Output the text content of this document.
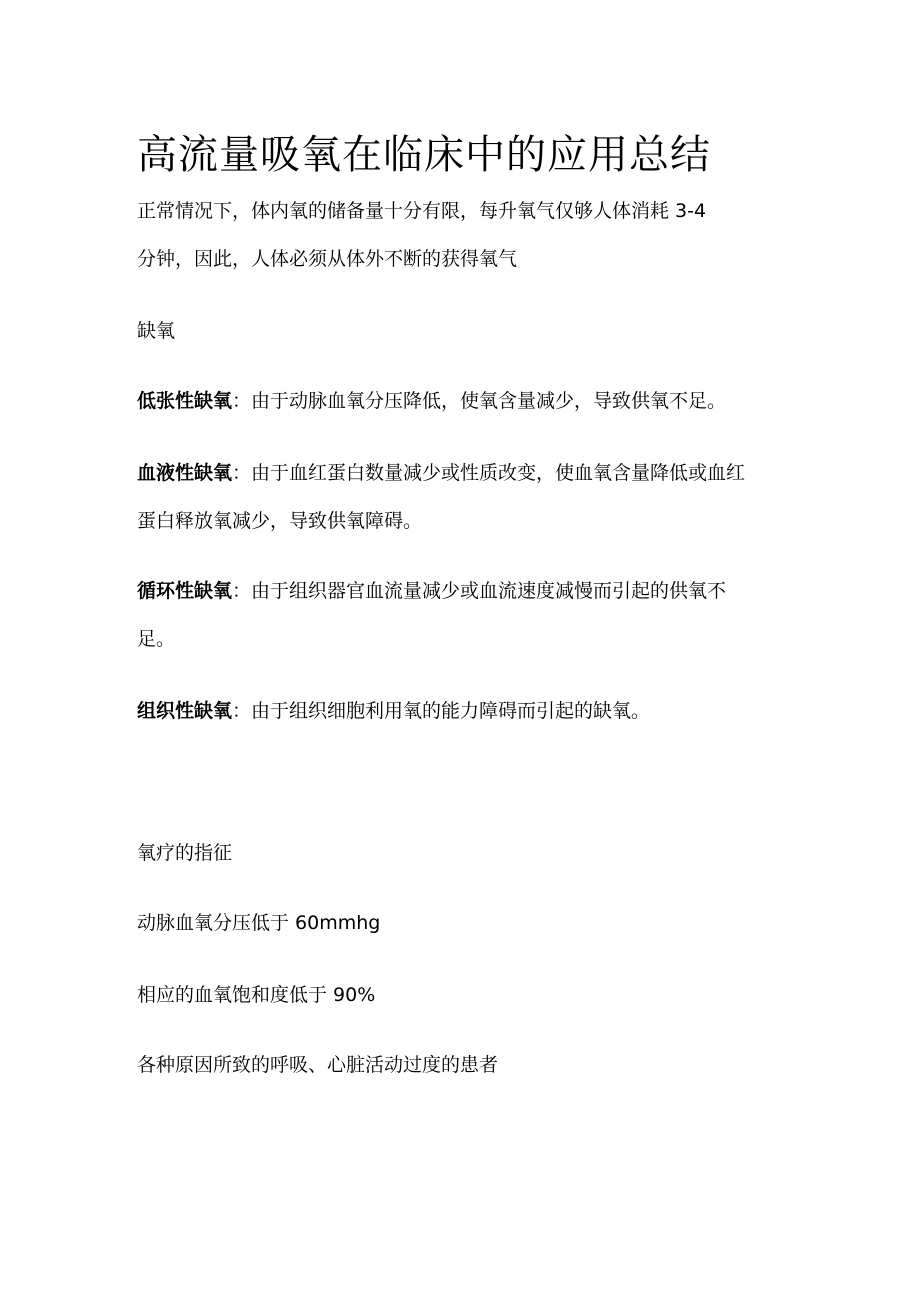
高流量吸氧在临床中的应用总结

正常情况下，体内氧的储备量十分有限，每升氧气仅够人体消耗 3-4

分钟，因此，人体必须从体外不断的获得氧气

缺氧

低张性缺氧：由于动脉血氧分压降低，使氧含量减少，导致供氧不足。

血液性缺氧：由于血红蛋白数量减少或性质改变，使血氧含量降低或血红

蛋白释放氧减少，导致供氧障碍。

循环性缺氧：由于组织器官血流量减少或血流速度减慢而引起的供氧不

足。

组织性缺氧：由于组织细胞利用氧的能力障碍而引起的缺氧。

氧疗的指征

动脉血氧分压低于 60mmhg

相应的血氧饱和度低于 90%

各种原因所致的呼吸、心脏活动过度的患者
